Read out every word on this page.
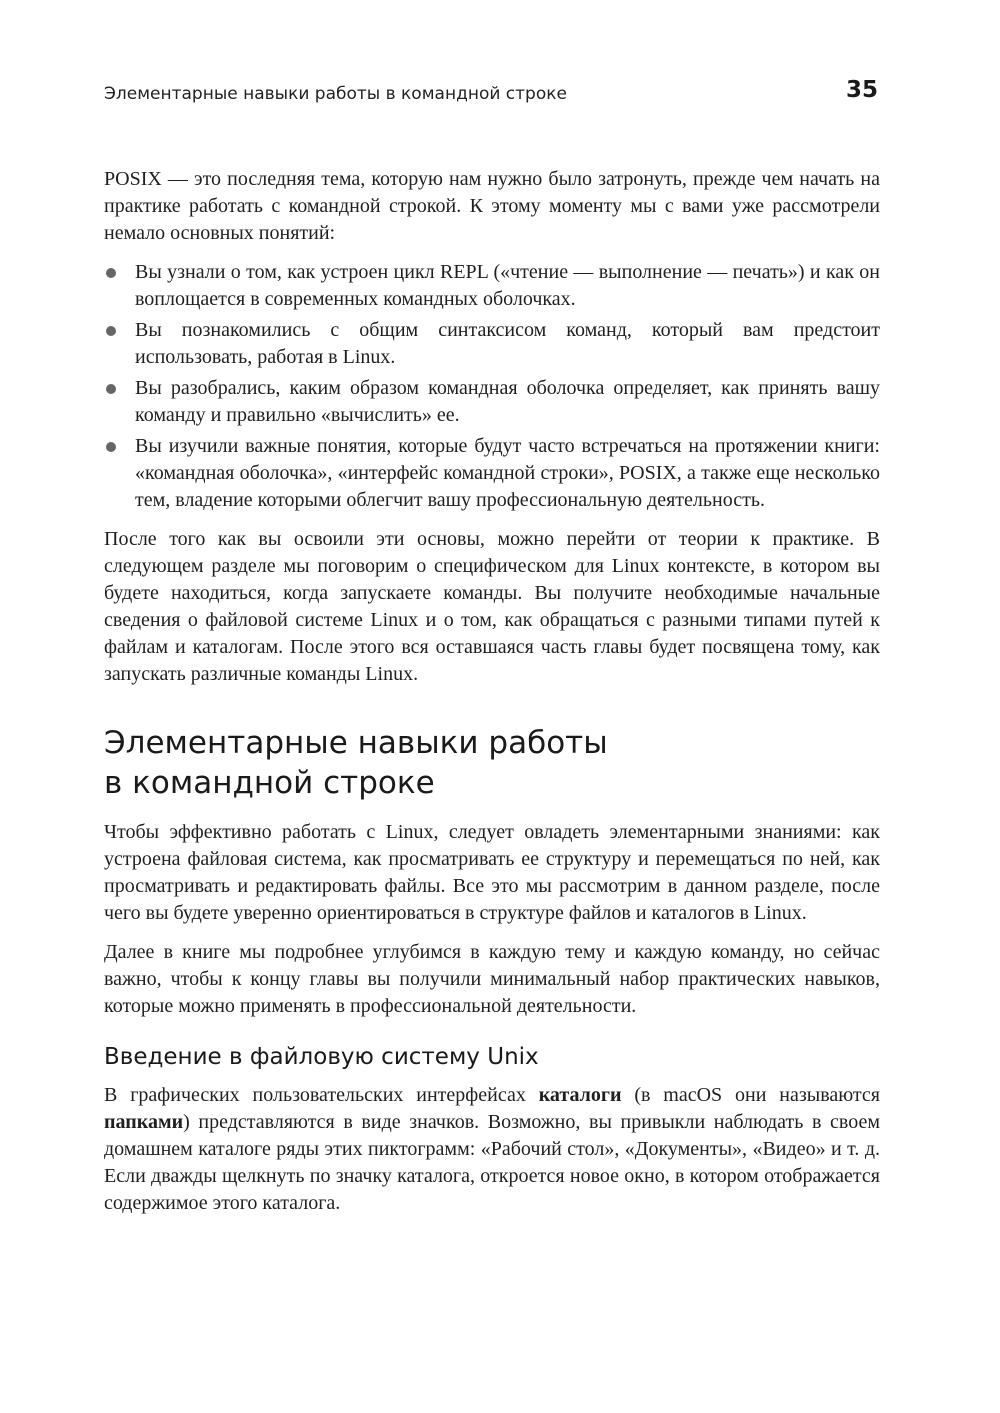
Элементарные навыки работы в командной строке	35

POSIX — это последняя тема, которую нам нужно было затронуть, прежде чем начать на практике работать с командной строкой. К этому моменту мы с вами уже рассмотрели немало основных понятий:

Вы узнали о том, как устроен цикл REPL («чтение — выполнение — печать») и как он воплощается в современных командных оболочках.
Вы познакомились с общим синтаксисом команд, который вам предстоит использовать, работая в Linux.
Вы разобрались, каким образом командная оболочка определяет, как принять вашу команду и правильно «вычислить» ее.
Вы изучили важные понятия, которые будут часто встречаться на протяжении книги: «командная оболочка», «интерфейс командной строки», POSIX, а также еще несколько тем, владение которыми облегчит вашу профессиональную деятельность.

После того как вы освоили эти основы, можно перейти от теории к практике. В следующем разделе мы поговорим о специфическом для Linux контексте, в котором вы будете находиться, когда запускаете команды. Вы получите необходимые начальные сведения о файловой системе Linux и о том, как обращаться с разными типами путей к файлам и каталогам. После этого вся оставшаяся часть главы будет посвящена тому, как запускать различные команды Linux.

Элементарные навыки работы
в командной строке

Чтобы эффективно работать с Linux, следует овладеть элементарными знаниями: как устроена файловая система, как просматривать ее структуру и перемещаться по ней, как просматривать и редактировать файлы. Все это мы рассмотрим в данном разделе, после чего вы будете уверенно ориентироваться в структуре файлов и каталогов в Linux.

Далее в книге мы подробнее углубимся в каждую тему и каждую команду, но сейчас важно, чтобы к концу главы вы получили минимальный набор практических навыков, которые можно применять в профессиональной деятельности.

Введение в файловую систему Unix

В графических пользовательских интерфейсах каталоги (в macOS они называются папками) представляются в виде значков. Возможно, вы привыкли наблюдать в своем домашнем каталоге ряды этих пиктограмм: «Рабочий стол», «Документы», «Видео» и т. д. Если дважды щелкнуть по значку каталога, откроется новое окно, в котором отображается содержимое этого каталога.
